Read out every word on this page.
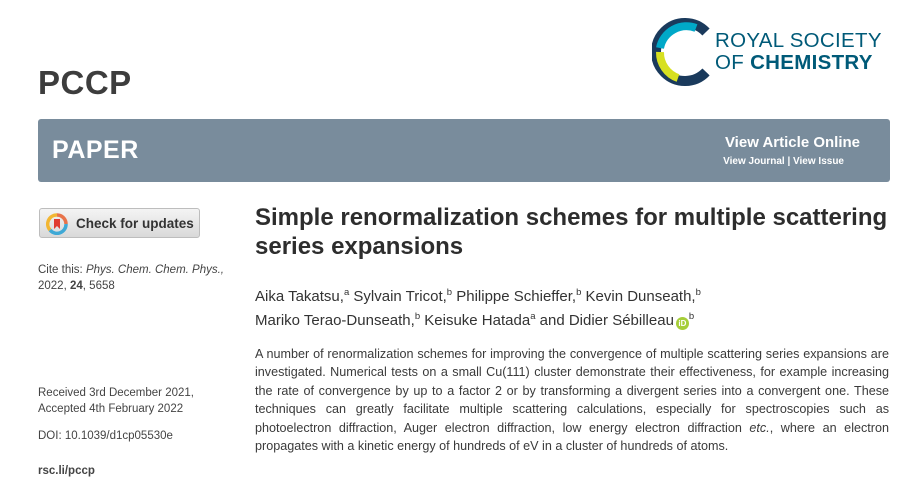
PCCP
ROYAL SOCIETY
OF CHEMISTRY
PAPER	View Article Online
View Journal | View Issue
Check for updates
Cite this: Phys. Chem. Chem. Phys.,
2022, 24, 5658
Received 3rd December 2021,
Accepted 4th February 2022
DOI: 10.1039/d1cp05530e
rsc.li/pccp
Simple renormalization schemes for multiple scattering series expansions
Aika Takatsu,$^a$ Sylvain Tricot,$^b$ Philippe Schieffer,$^b$ Kevin Dunseath,$^b$
Mariko Terao-Dunseath,$^b$ Keisuke Hatada$^a$ and Didier Sébilleau $iD^b$
A number of renormalization schemes for improving the convergence of multiple scattering series expansions are investigated. Numerical tests on a small Cu(111) cluster demonstrate their effectiveness, for example increasing the rate of convergence by up to a factor 2 or by transforming a divergent series into a convergent one. These techniques can greatly facilitate multiple scattering calculations, especially for spectroscopies such as photoelectron diffraction, Auger electron diffraction, low energy electron diffraction etc., where an electron propagates with a kinetic energy of hundreds of eV in a cluster of hundreds of atoms.
